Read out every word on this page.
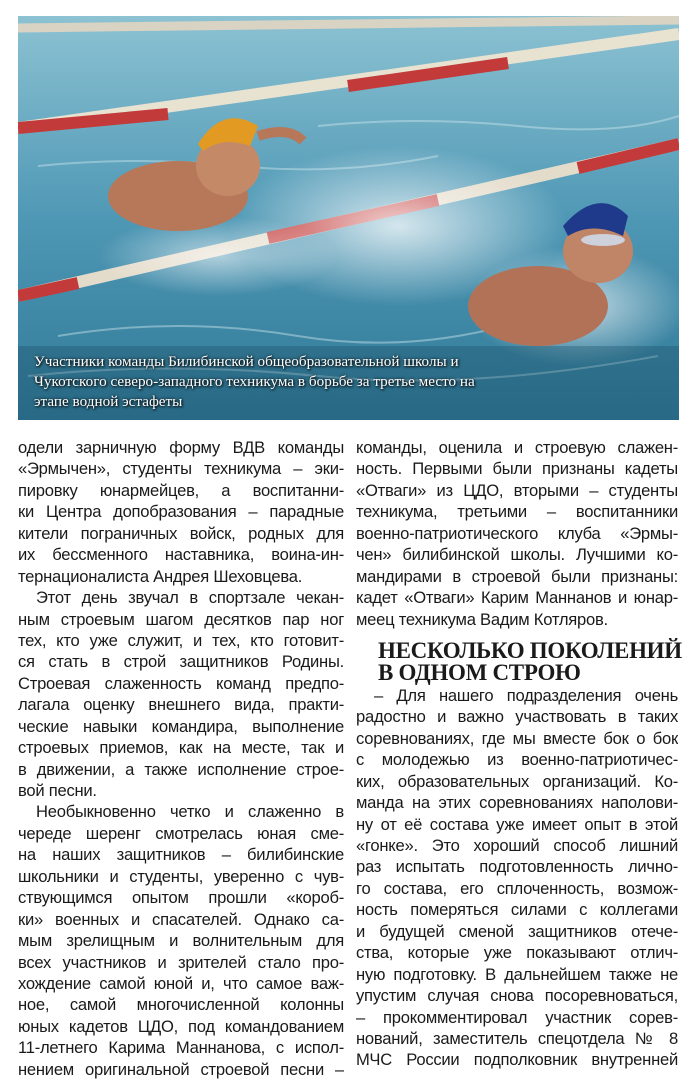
Участники команды Билибинской общеобразовательной школы и
Чукотского северо-западного техникума в борьбе за третье место на
этапе водной эстафеты
одели зарничную форму ВДВ команды
«Эрмычен», студенты техникума – эки-
пировку юнармейцев, а воспитанни-
ки Центра допобразования – парадные
кители пограничных войск, родных для
их бессменного наставника, воина-ин-
тернационалиста Андрея Шеховцева.
Этот день звучал в спортзале чекан-
ным строевым шагом десятков пар ног
тех, кто уже служит, и тех, кто готовит-
ся стать в строй защитников Родины.
Строевая слаженность команд предпо-
лагала оценку внешнего вида, практи-
ческие навыки командира, выполнение
строевых приемов, как на месте, так и
в движении, а также исполнение строе-
вой песни.
Необыкновенно четко и слаженно в
череде шеренг смотрелась юная сме-
на наших защитников – билибинские
школьники и студенты, уверенно с чув-
ствующимся опытом прошли «короб-
ки» военных и спасателей. Однако са-
мым зрелищным и волнительным для
всех участников и зрителей стало про-
хождение самой юной и, что самое важ-
ное, самой многочисленной колонны
юных кадетов ЦДО, под командованием
11-летнего Карима Маннанова, с испол-
нением оригинальной строевой песни –
команды, оценила и строевую слажен-
ность. Первыми были признаны кадеты
«Отваги» из ЦДО, вторыми – студенты
техникума, третьими – воспитанники
военно-патриотического клуба «Эрмы-
чен» билибинской школы. Лучшими ко-
мандирами в строевой были признаны:
кадет «Отваги» Карим Маннанов и юнар-
меец техникума Вадим Котляров.
НЕСКОЛЬКО ПОКОЛЕНИЙ
В ОДНОМ СТРОЮ
– Для нашего подразделения очень
радостно и важно участвовать в таких
соревнованиях, где мы вместе бок о бок
с молодежью из военно-патриотичес-
ких, образовательных организаций. Ко-
манда на этих соревнованиях наполови-
ну от её состава уже имеет опыт в этой
«гонке». Это хороший способ лишний
раз испытать подготовленность лично-
го состава, его сплоченность, возмож-
ность померяться силами с коллегами
и будущей сменой защитников отече-
ства, которые уже показывают отлич-
ную подготовку. В дальнейшем также не
упустим случая снова посоревноваться,
– прокомментировал участник сорев-
нований, заместитель спецотдела № 8
МЧС России подполковник внутренней
